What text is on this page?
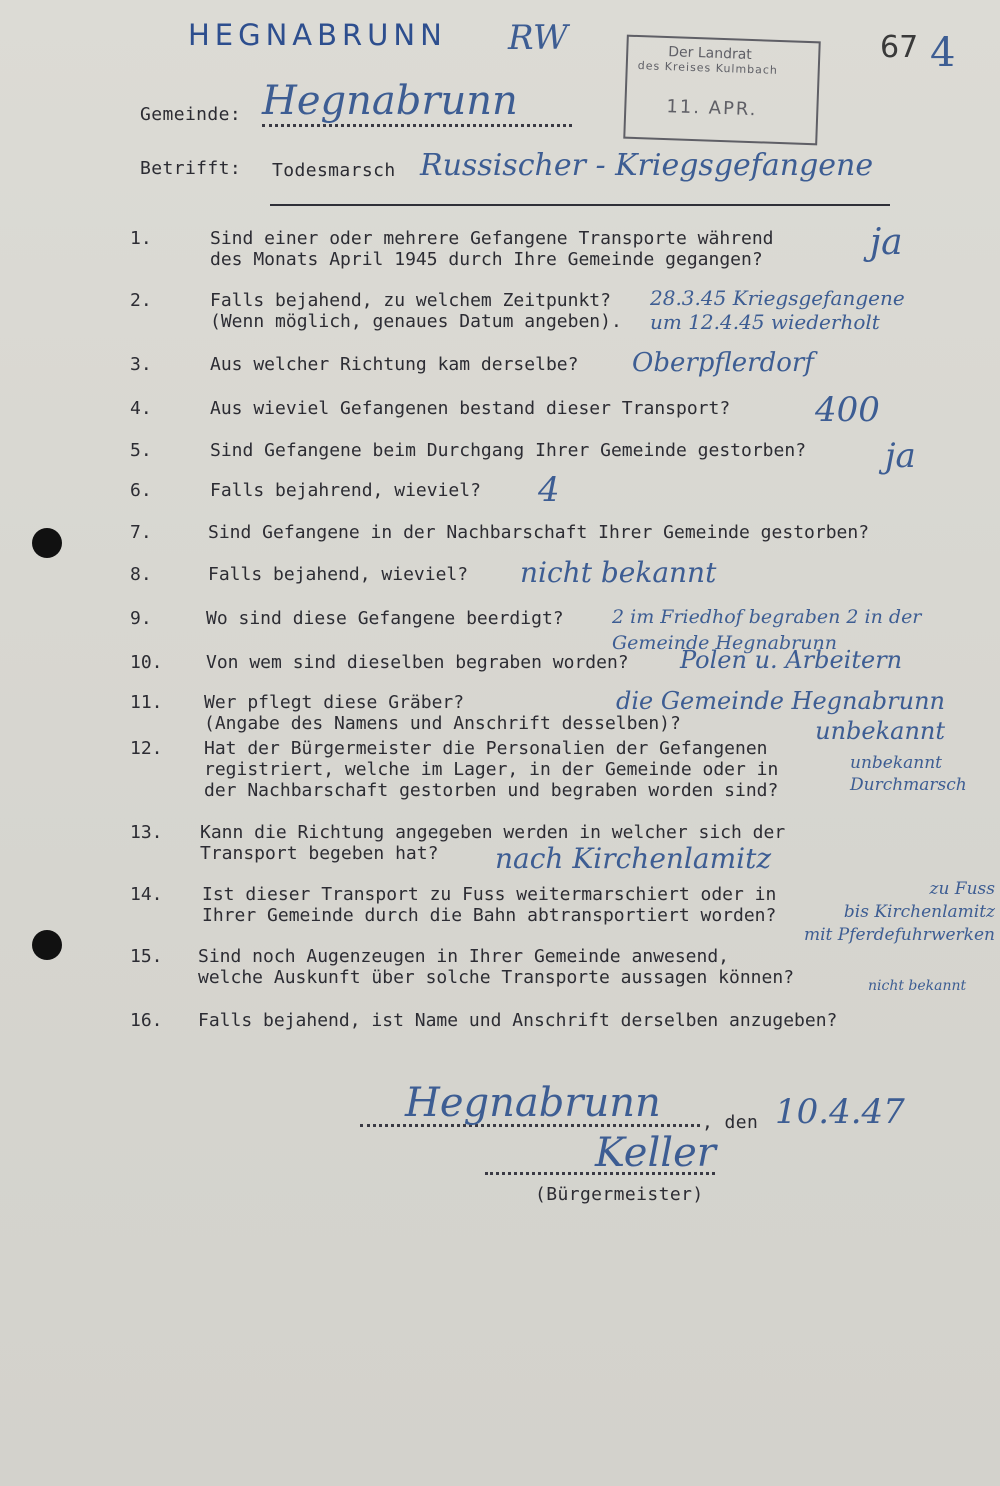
HEGNABRUNN RW	67 4
Der Landrat
des Kreises Kulmbach
11. APR.
Gemeinde: Hegnabrunn
Betrifft: Todesmarsch Russischer - Kriegsgefangene
1.	Sind einer oder mehrere Gefangene Transporte während
des Monats April 1945 durch Ihre Gemeinde gegangen?	ja
2.	Falls bejahend, zu welchem Zeitpunkt?
(Wenn möglich, genaues Datum angeben).
28.3.45 Kriegsgefangene
um 12.4.45 wiederholt
3.	Aus welcher Richtung kam derselbe? Oberpflerdorf
4.	Aus wieviel Gefangenen bestand dieser Transport? 400
5.	Sind Gefangene beim Durchgang Ihrer Gemeinde gestorben? ja
6.	Falls bejahrend, wieviel? 4
7.	Sind Gefangene in der Nachbarschaft Ihrer Gemeinde gestorben?
8.	Falls bejahend, wieviel? nicht bekannt
9.	Wo sind diese Gefangene beerdigt?	2 im Friedhof begraben 2 in der
Gemeinde Hegnabrunn
10. Von wem sind dieselben begraben worden? Polen u. Arbeitern
11. Wer pflegt diese Gräber?
(Angabe des Namens und Anschrift desselben)?
die Gemeinde Hegnabrunn
unbekannt
12. Hat der Bürgermeister die Personalien der Gefangenen
registriert, welche im Lager, in der Gemeinde oder in
der Nachbarschaft gestorben und begraben worden sind?
unbekannt
Durchmarsch
13. Kann die Richtung angegeben werden in welcher sich der
Transport begeben hat?	nach Kirchenlamitz
14. Ist dieser Transport zu Fuss weitermarschiert oder in
Ihrer Gemeinde durch die Bahn abtransportiert worden?
zu Fuss
bis Kirchenlamitz
mit Pferdefuhrwerken
15. Sind noch Augenzeugen in Ihrer Gemeinde anwesend,
welche Auskunft über solche Transporte aussagen können?	nicht bekannt
16. Falls bejahend, ist Name und Anschrift derselben anzugeben?
Hegnabrunn , den 10.4.47
Keller
(Bürgermeister)
